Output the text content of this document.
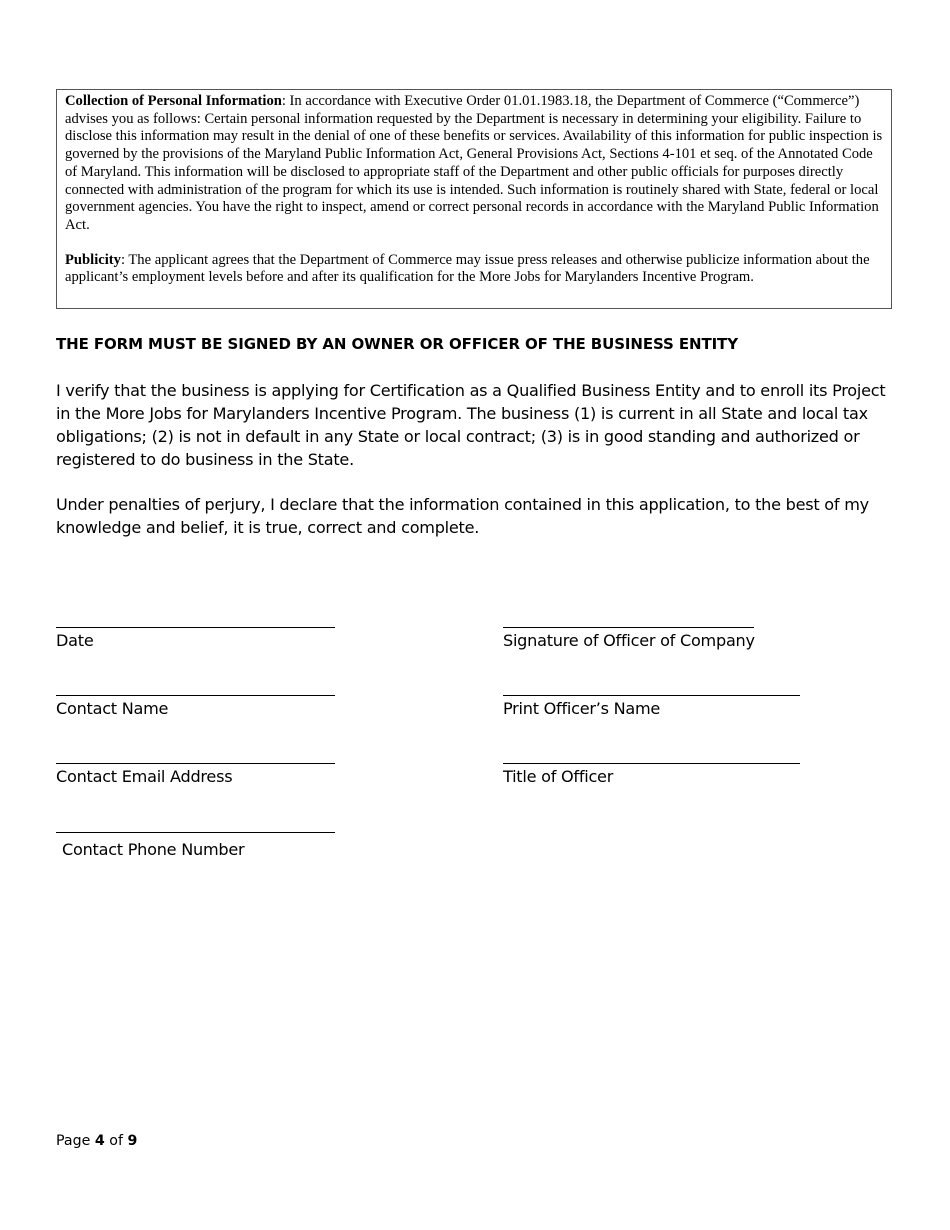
Collection of Personal Information: In accordance with Executive Order 01.01.1983.18, the Department of Commerce (“Commerce”) advises you as follows: Certain personal information requested by the Department is necessary in determining your eligibility. Failure to disclose this information may result in the denial of one of these benefits or services. Availability of this information for public inspection is governed by the provisions of the Maryland Public Information Act, General Provisions Act, Sections 4-101 et seq. of the Annotated Code of Maryland. This information will be disclosed to appropriate staff of the Department and other public officials for purposes directly connected with administration of the program for which its use is intended. Such information is routinely shared with State, federal or local government agencies. You have the right to inspect, amend or correct personal records in accordance with the Maryland Public Information Act.

Publicity: The applicant agrees that the Department of Commerce may issue press releases and otherwise publicize information about the applicant’s employment levels before and after its qualification for the More Jobs for Marylanders Incentive Program.

THE FORM MUST BE SIGNED BY AN OWNER OR OFFICER OF THE BUSINESS ENTITY

I verify that the business is applying for Certification as a Qualified Business Entity and to enroll its Project in the More Jobs for Marylanders Incentive Program. The business (1) is current in all State and local tax obligations; (2) is not in default in any State or local contract; (3) is in good standing and authorized or registered to do business in the State.

Under penalties of perjury, I declare that the information contained in this application, to the best of my knowledge and belief, it is true, correct and complete.

Date
Contact Name
Contact Email Address
Contact Phone Number
Signature of Officer of Company
Print Officer’s Name
Title of Officer
Page 4 of 9
